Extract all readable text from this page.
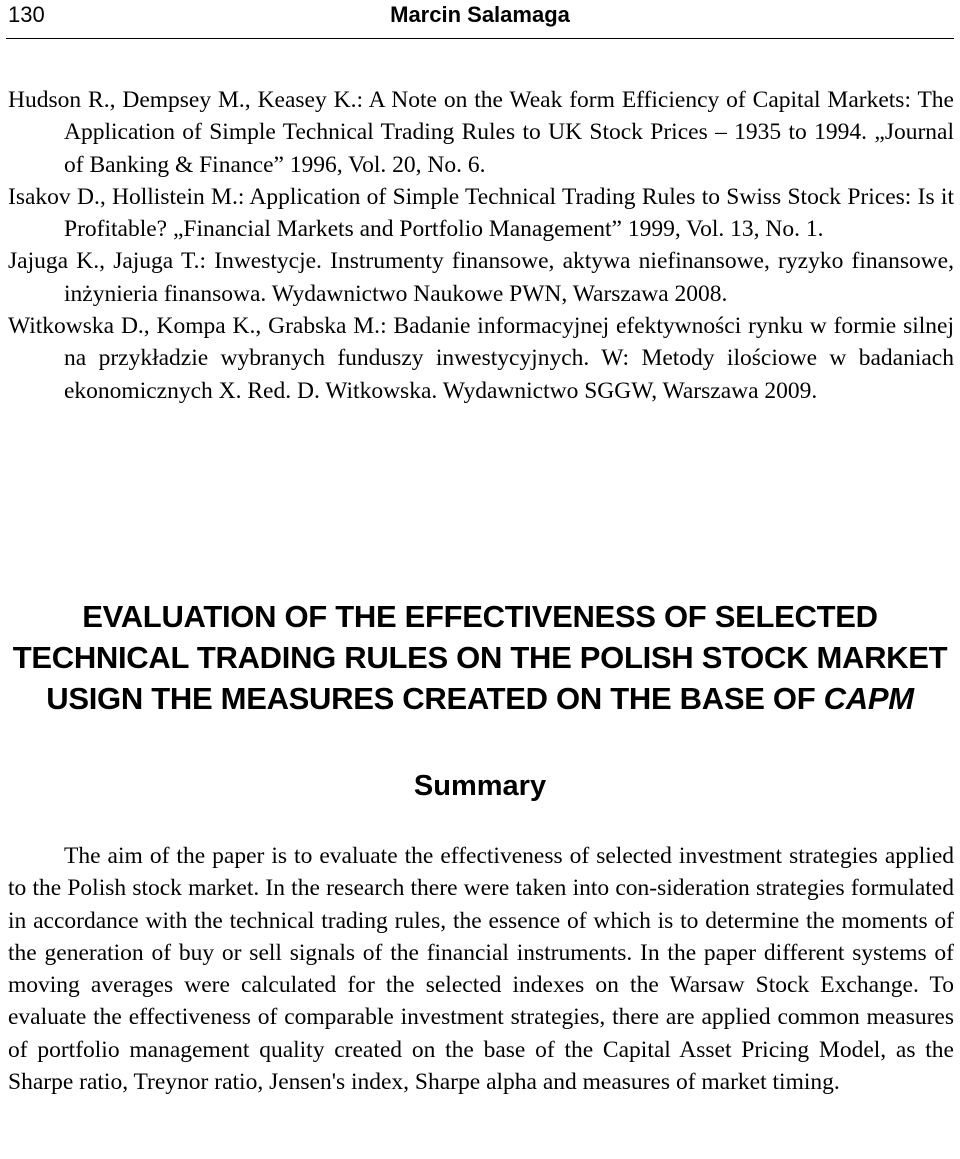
130	Marcin Salamaga

Hudson R., Dempsey M., Keasey K.: A Note on the Weak form Efficiency of Capital Markets: The Application of Simple Technical Trading Rules to UK Stock Prices – 1935 to 1994. „Journal of Banking & Finance” 1996, Vol. 20, No. 6.

Isakov D., Hollistein M.: Application of Simple Technical Trading Rules to Swiss Stock Prices: Is it Profitable? „Financial Markets and Portfolio Management” 1999, Vol. 13, No. 1.

Jajuga K., Jajuga T.: Inwestycje. Instrumenty finansowe, aktywa niefinansowe, ryzyko finansowe, inżynieria finansowa. Wydawnictwo Naukowe PWN, Warszawa 2008.

Witkowska D., Kompa K., Grabska M.: Badanie informacyjnej efektywności rynku w formie silnej na przykładzie wybranych funduszy inwestycyjnych. W: Metody ilościowe w badaniach ekonomicznych X. Red. D. Witkowska. Wydawnictwo SGGW, Warszawa 2009.

EVALUATION OF THE EFFECTIVENESS OF SELECTED
TECHNICAL TRADING RULES ON THE POLISH STOCK MARKET
USIGN THE MEASURES CREATED ON THE BASE OF CAPM
Summary

The aim of the paper is to evaluate the effectiveness of selected investment strategies applied to the Polish stock market. In the research there were taken into con-sideration strategies formulated in accordance with the technical trading rules, the essence of which is to determine the moments of the generation of buy or sell signals of the financial instruments. In the paper different systems of moving averages were calculated for the selected indexes on the Warsaw Stock Exchange. To evaluate the effectiveness of comparable investment strategies, there are applied common measures of portfolio management quality created on the base of the Capital Asset Pricing Model, as the Sharpe ratio, Treynor ratio, Jensen's index, Sharpe alpha and measures of market timing.
